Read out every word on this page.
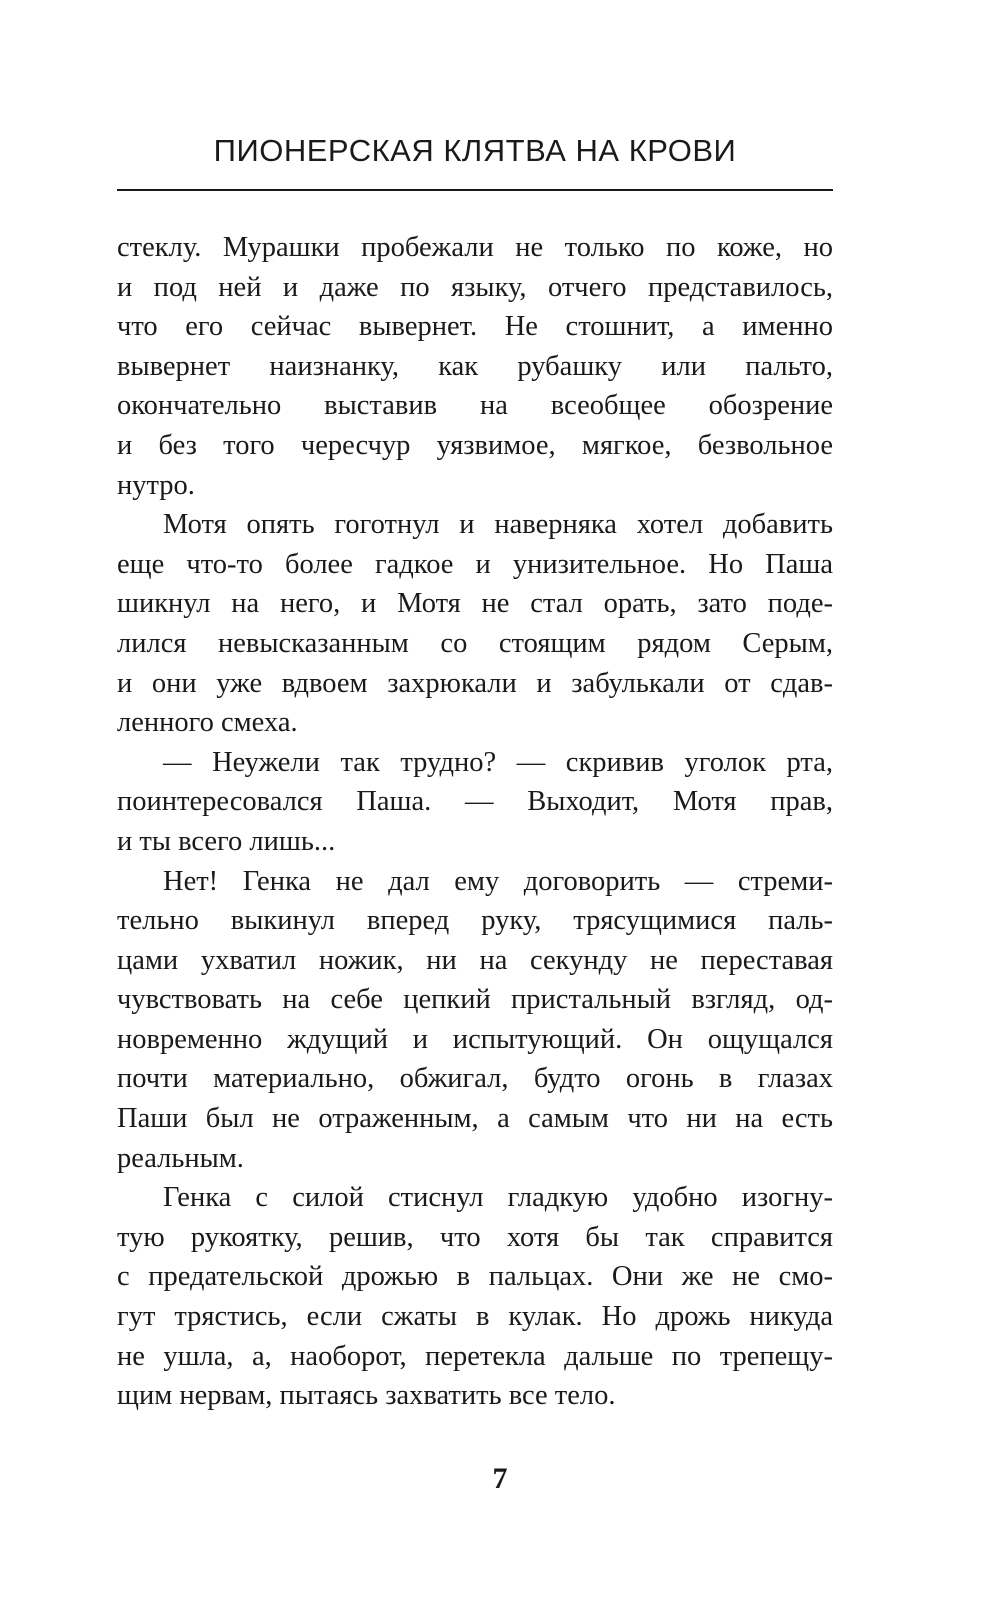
ПИОНЕРСКАЯ КЛЯТВА НА КРОВИ
стеклу. Мурашки пробежали не только по коже, но
и под ней и даже по языку, отчего представилось,
что его сейчас вывернет. Не стошнит, а именно
вывернет наизнанку, как рубашку или пальто,
окончательно выставив на всеобщее обозрение
и без того чересчур уязвимое, мягкое, безвольное
нутро.
Мотя опять гоготнул и наверняка хотел добавить
еще что-то более гадкое и унизительное. Но Паша
шикнул на него, и Мотя не стал орать, зато поде-
лился невысказанным со стоящим рядом Серым,
и они уже вдвоем захрюкали и забулькали от сдав-
ленного смеха.
— Неужели так трудно? — скривив уголок рта,
поинтересовался Паша. — Выходит, Мотя прав,
и ты всего лишь...
Нет! Генка не дал ему договорить — стреми-
тельно выкинул вперед руку, трясущимися паль-
цами ухватил ножик, ни на секунду не переставая
чувствовать на себе цепкий пристальный взгляд, од-
новременно ждущий и испытующий. Он ощущался
почти материально, обжигал, будто огонь в глазах
Паши был не отраженным, а самым что ни на есть
реальным.
Генка с силой стиснул гладкую удобно изогну-
тую рукоятку, решив, что хотя бы так справится
с предательской дрожью в пальцах. Они же не смо-
гут трястись, если сжаты в кулак. Но дрожь никуда
не ушла, а, наоборот, перетекла дальше по трепещу-
щим нервам, пытаясь захватить все тело.
7
